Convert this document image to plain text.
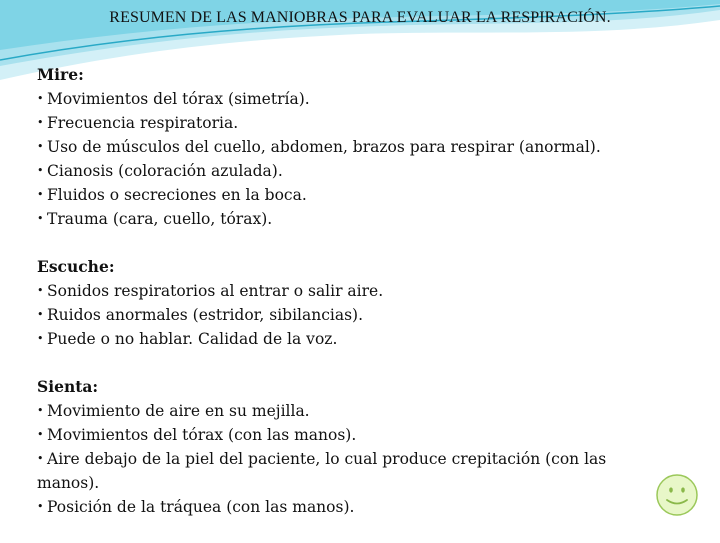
RESUMEN DE LAS MANIOBRAS PARA EVALUAR LA RESPIRACIÓN.
Mire:
• Movimientos del tórax (simetría).
• Frecuencia respiratoria.
• Uso de músculos del cuello, abdomen, brazos para respirar (anormal).
• Cianosis (coloración azulada).
• Fluidos o secreciones en la boca.
• Trauma (cara, cuello, tórax).
Escuche:
• Sonidos respiratorios al entrar o salir aire.
• Ruidos anormales (estridor, sibilancias).
• Puede o no hablar. Calidad de la voz.
Sienta:
• Movimiento de aire en su mejilla.
• Movimientos del tórax (con las manos).
• Aire debajo de la piel del paciente, lo cual produce crepitación (con las
manos).
• Posición de la tráquea (con las manos).
